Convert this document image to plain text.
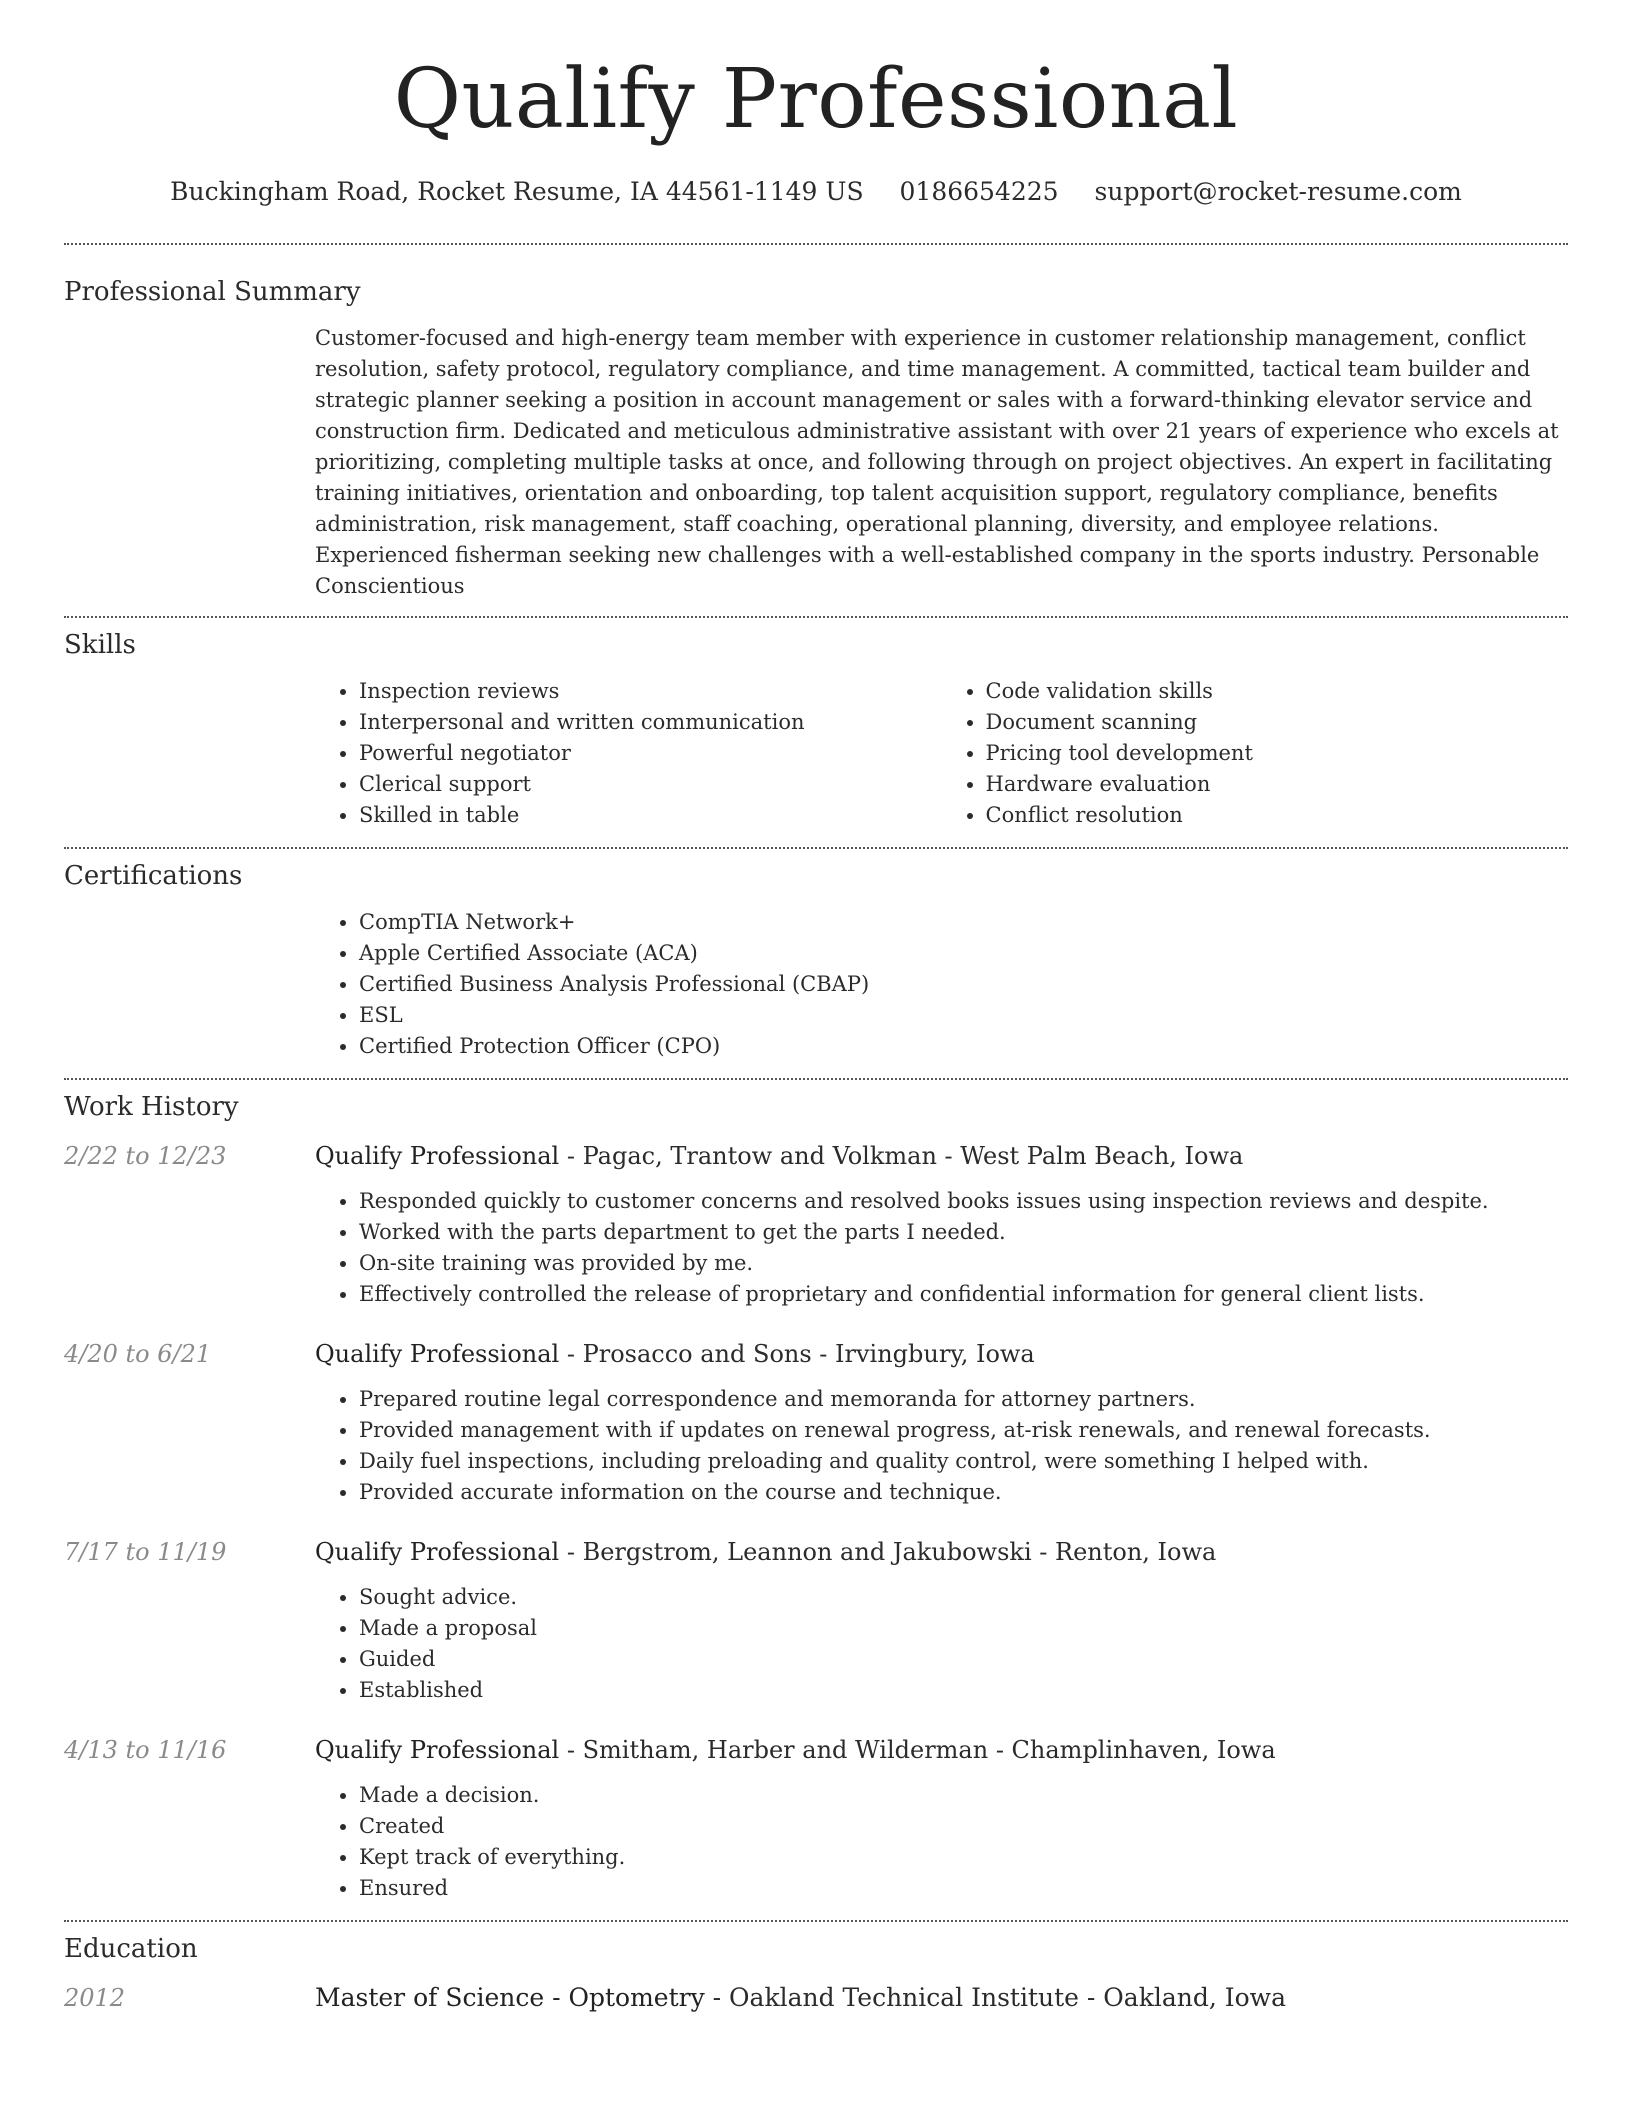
Qualify Professional
Buckingham Road, Rocket Resume, IA 44561-1149 US 0186654225 support@rocket-resume.com
Professional Summary

Customer-focused and high-energy team member with experience in customer relationship management, conflict resolution, safety protocol, regulatory compliance, and time management. A committed, tactical team builder and strategic planner seeking a position in account management or sales with a forward-thinking elevator service and construction firm. Dedicated and meticulous administrative assistant with over 21 years of experience who excels at prioritizing, completing multiple tasks at once, and following through on project objectives. An expert in facilitating training initiatives, orientation and onboarding, top talent acquisition support, regulatory compliance, benefits administration, risk management, staff coaching, operational planning, diversity, and employee relations. Experienced fisherman seeking new challenges with a well-established company in the sports industry. Personable Conscientious

Skills
• Inspection reviews
• Interpersonal and written communication
• Powerful negotiator
• Clerical support
• Skilled in table
• Code validation skills
• Document scanning
• Pricing tool development
• Hardware evaluation
• Conflict resolution
Certifications
• CompTIA Network+
• Apple Certified Associate (ACA)
• Certified Business Analysis Professional (CBAP)
• ESL
• Certified Protection Officer (CPO)
Work History
2/22 to 12/23	Qualify Professional - Pagac, Trantow and Volkman - West Palm Beach, Iowa
• Responded quickly to customer concerns and resolved books issues using inspection reviews and despite.
• Worked with the parts department to get the parts I needed.
• On-site training was provided by me.
• Effectively controlled the release of proprietary and confidential information for general client lists.
4/20 to 6/21	Qualify Professional - Prosacco and Sons - Irvingbury, Iowa
• Prepared routine legal correspondence and memoranda for attorney partners.
• Provided management with if updates on renewal progress, at-risk renewals, and renewal forecasts.
• Daily fuel inspections, including preloading and quality control, were something I helped with.
• Provided accurate information on the course and technique.
7/17 to 11/19	Qualify Professional - Bergstrom, Leannon and Jakubowski - Renton, Iowa
• Sought advice.
• Made a proposal
• Guided
• Established
4/13 to 11/16	Qualify Professional - Smitham, Harber and Wilderman - Champlinhaven, Iowa
• Made a decision.
• Created
• Kept track of everything.
• Ensured
Education
2012	Master of Science - Optometry - Oakland Technical Institute - Oakland, Iowa
